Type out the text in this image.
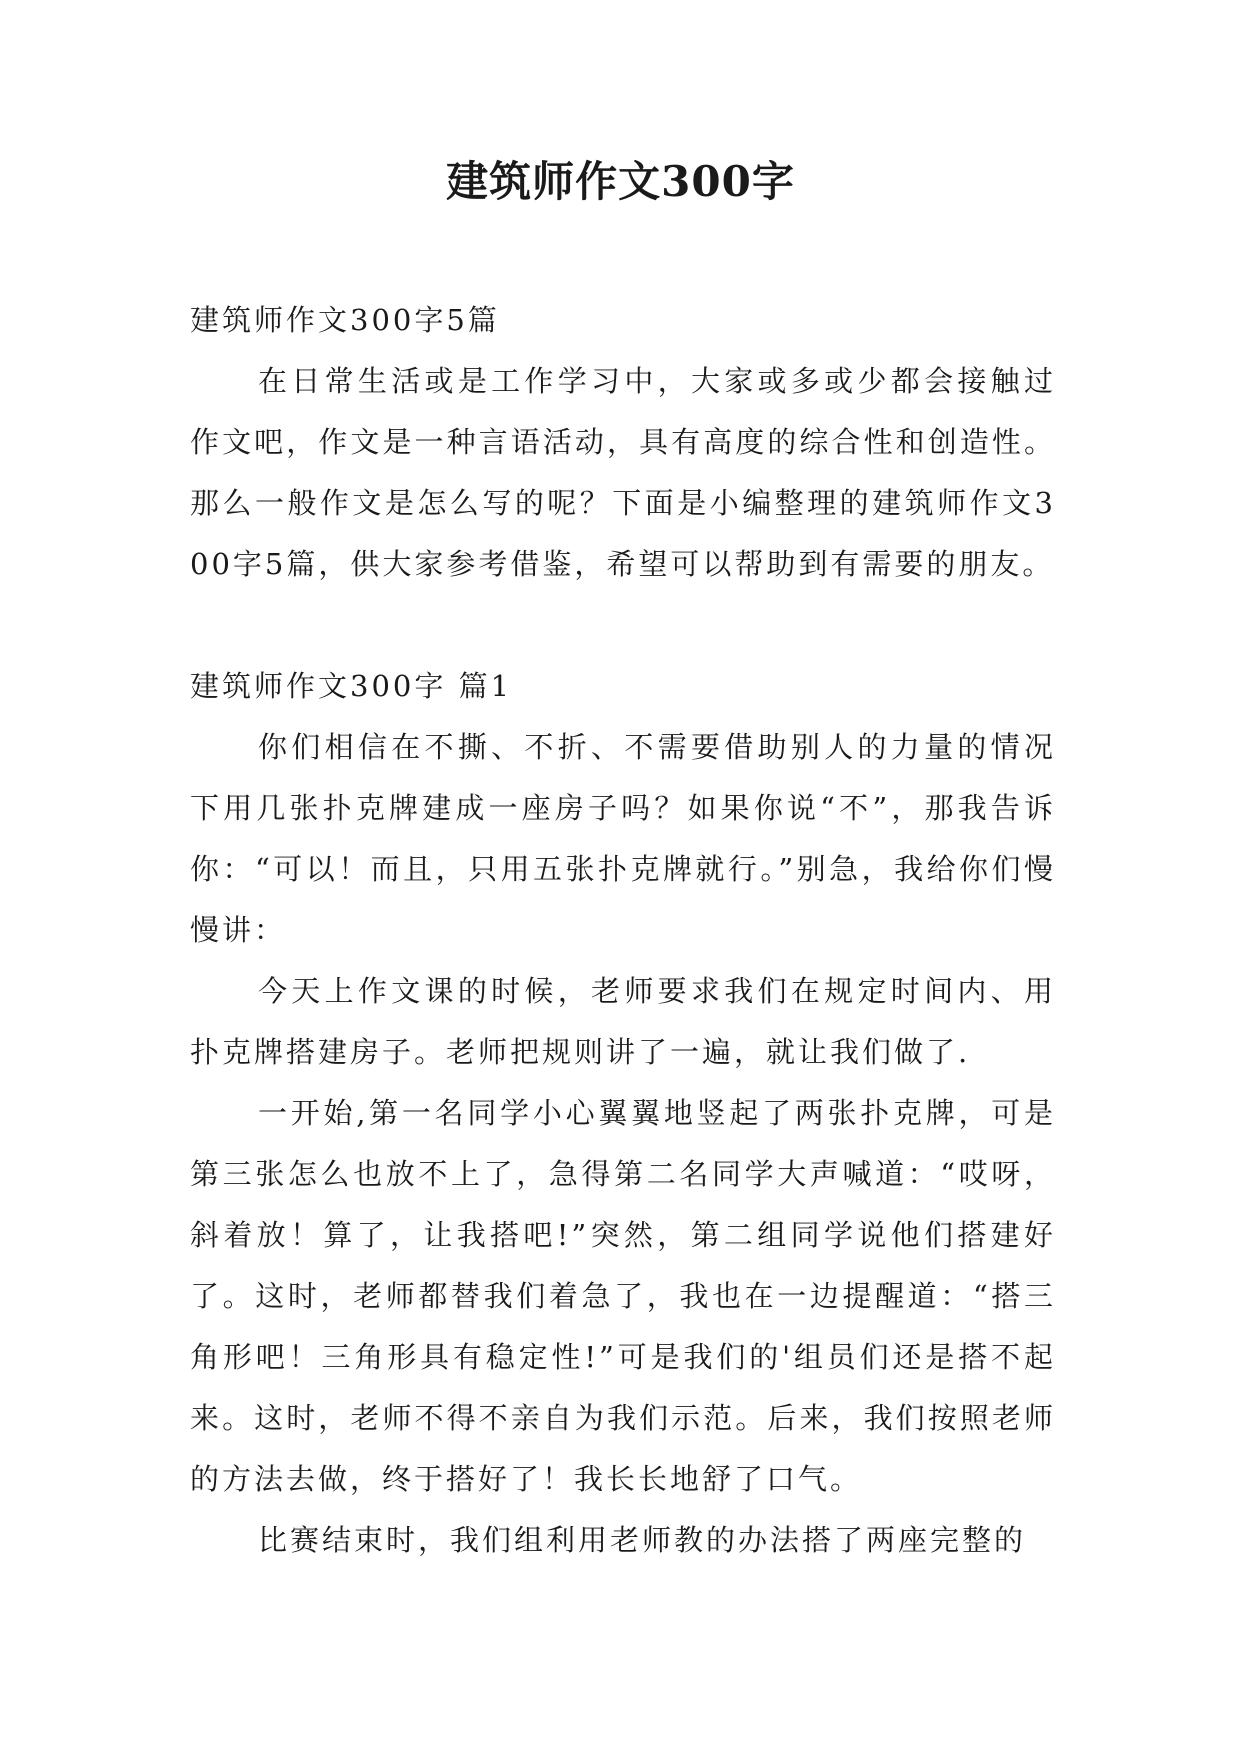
建筑师作文300字

建筑师作文300字5篇

在日常生活或是工作学习中，大家或多或少都会接触过作文吧，作文是一种言语活动，具有高度的综合性和创造性。那么一般作文是怎么写的呢？下面是小编整理的建筑师作文300字5篇，供大家参考借鉴，希望可以帮助到有需要的朋友。

建筑师作文300字 篇1

你们相信在不撕、不折、不需要借助别人的力量的情况下用几张扑克牌建成一座房子吗？如果你说“不”，那我告诉你：“可以！而且，只用五张扑克牌就行。”别急，我给你们慢慢讲：

今天上作文课的时候，老师要求我们在规定时间内、用扑克牌搭建房子。老师把规则讲了一遍，就让我们做了.

一开始,第一名同学小心翼翼地竖起了两张扑克牌，可是第三张怎么也放不上了，急得第二名同学大声喊道：“哎呀，斜着放！算了，让我搭吧!”突然，第二组同学说他们搭建好了。这时，老师都替我们着急了，我也在一边提醒道：“搭三角形吧！三角形具有稳定性!”可是我们的'组员们还是搭不起来。这时，老师不得不亲自为我们示范。后来，我们按照老师的方法去做，终于搭好了！我长长地舒了口气。

比赛结束时，我们组利用老师教的办法搭了两座完整的
